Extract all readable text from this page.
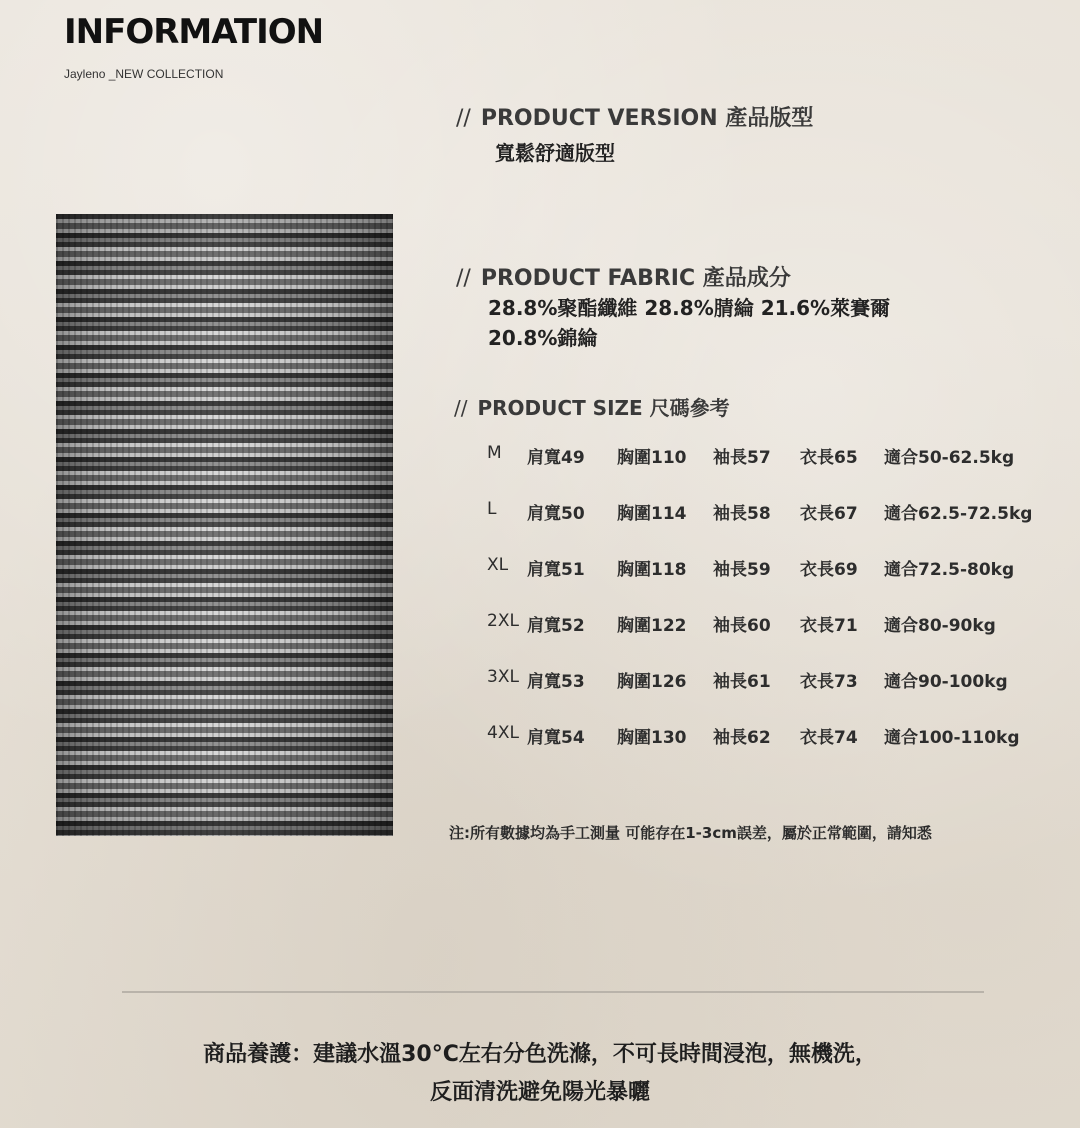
INFORMATION
Jayleno _NEW COLLECTION
// PRODUCT VERSION 產品版型
寬鬆舒適版型
// PRODUCT FABRIC 產品成分
28.8%聚酯纖維 28.8%腈綸 21.6%萊賽爾
20.8%錦綸
// PRODUCT SIZE 尺碼參考
M 肩寬49 胸圍110 袖長57 衣長65 適合50-62.5kg
L 肩寬50 胸圍114 袖長58 衣長67 適合62.5-72.5kg
XL 肩寬51 胸圍118 袖長59 衣長69 適合72.5-80kg
2XL 肩寬52 胸圍122 袖長60 衣長71 適合80-90kg
3XL 肩寬53 胸圍126 袖長61 衣長73 適合90-100kg
4XL 肩寬54 胸圍130 袖長62 衣長74 適合100-110kg
注:所有數據均為手工測量 可能存在1-3cm誤差，屬於正常範圍，請知悉
商品養護：建議水溫30°C左右分色洗滌，不可長時間浸泡，無機洗，
反面清洗避免陽光暴曬
